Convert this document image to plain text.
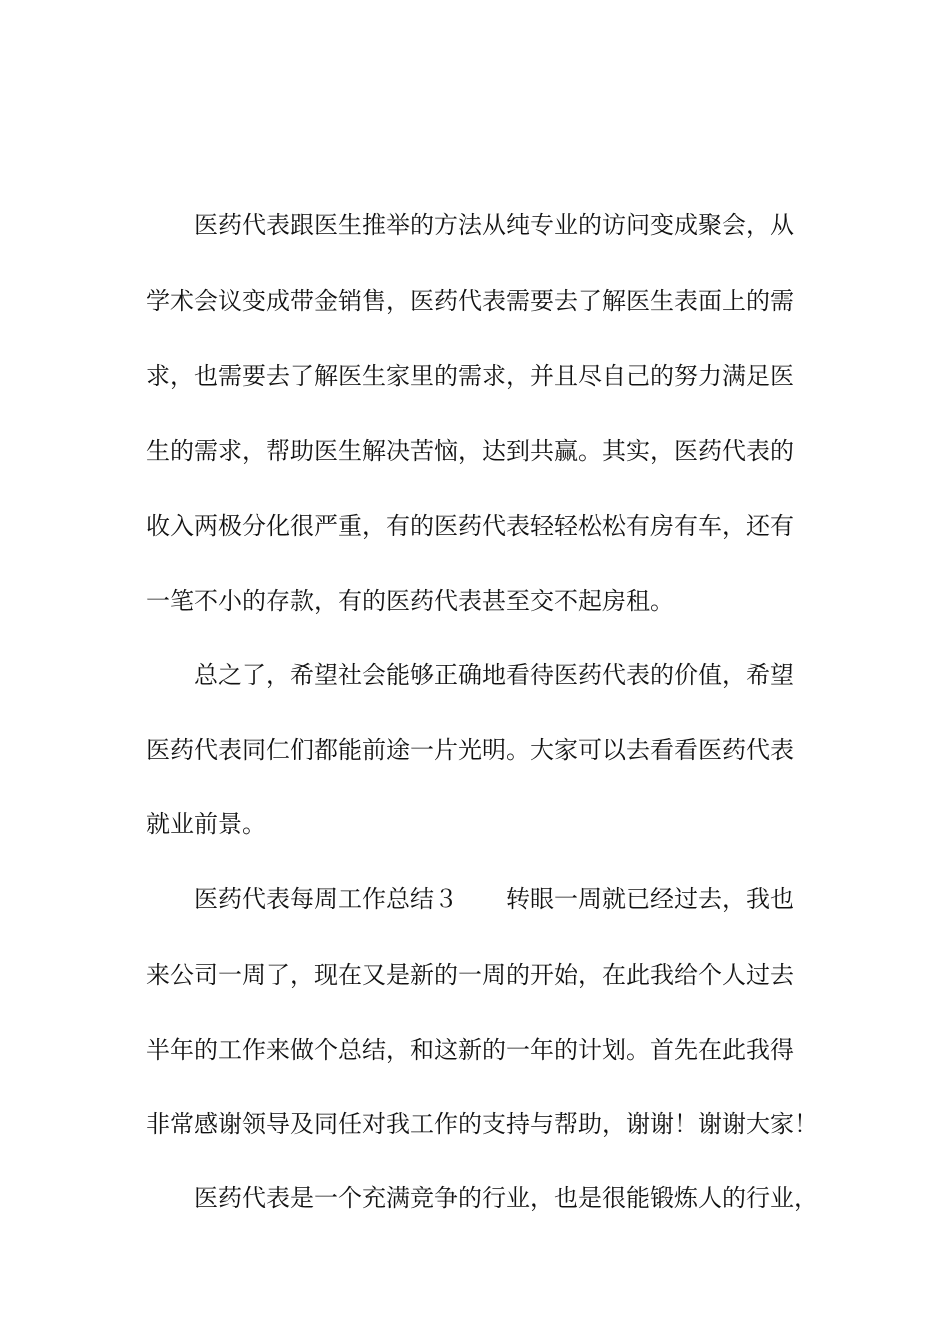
医药代表跟医生推举的方法从纯专业的访问变成聚会，从
学术会议变成带金销售，医药代表需要去了解医生表面上的需
求，也需要去了解医生家里的需求，并且尽自己的努力满足医
生的需求，帮助医生解决苦恼，达到共赢。其实，医药代表的
收入两极分化很严重，有的医药代表轻轻松松有房有车，还有
一笔不小的存款，有的医药代表甚至交不起房租。
总之了，希望社会能够正确地看待医药代表的价值，希望
医药代表同仁们都能前途一片光明。大家可以去看看医药代表
就业前景。
医药代表每周工作总结３　　转眼一周就已经过去，我也
来公司一周了，现在又是新的一周的开始，在此我给个人过去
半年的工作来做个总结，和这新的一年的计划。首先在此我得
非常感谢领导及同任对我工作的支持与帮助，谢谢！谢谢大家！
医药代表是一个充满竞争的行业，也是很能锻炼人的行业，
